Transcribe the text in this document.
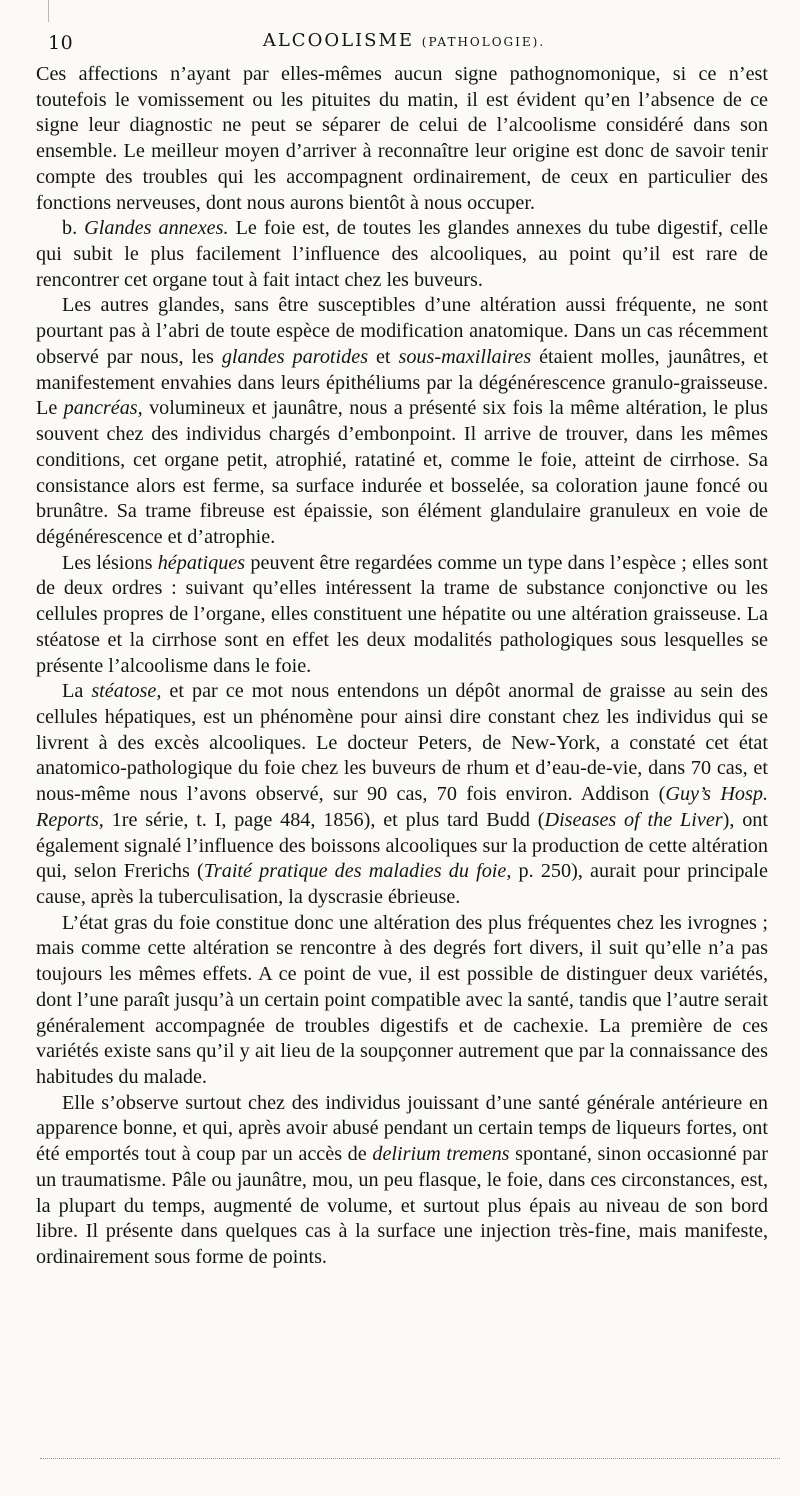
10	ALCOOLISME (PATHOLOGIE).

Ces affections n’ayant par elles-mêmes aucun signe pathognomonique, si ce n’est toutefois le vomissement ou les pituites du matin, il est évident qu’en l’absence de ce signe leur diagnostic ne peut se séparer de celui de l’alcoolisme considéré dans son ensemble. Le meilleur moyen d’arriver à reconnaître leur origine est donc de savoir tenir compte des troubles qui les accompagnent ordinairement, de ceux en particulier des fonctions nerveuses, dont nous aurons bientôt à nous occuper.

b. Glandes annexes. Le foie est, de toutes les glandes annexes du tube digestif, celle qui subit le plus facilement l’influence des alcooliques, au point qu’il est rare de rencontrer cet organe tout à fait intact chez les buveurs.

Les autres glandes, sans être susceptibles d’une altération aussi fréquente, ne sont pourtant pas à l’abri de toute espèce de modification anatomique. Dans un cas récemment observé par nous, les glandes parotides et sous-maxillaires étaient molles, jaunâtres, et manifestement envahies dans leurs épithéliums par la dégénérescence granulo-graisseuse. Le pancréas, volumineux et jaunâtre, nous a présenté six fois la même altération, le plus souvent chez des individus chargés d’embonpoint. Il arrive de trouver, dans les mêmes conditions, cet organe petit, atrophié, ratatiné et, comme le foie, atteint de cirrhose. Sa consistance alors est ferme, sa surface indurée et bosselée, sa coloration jaune foncé ou brunâtre. Sa trame fibreuse est épaissie, son élément glandulaire granuleux en voie de dégénérescence et d’atrophie.

Les lésions hépatiques peuvent être regardées comme un type dans l’espèce ; elles sont de deux ordres : suivant qu’elles intéressent la trame de substance conjonctive ou les cellules propres de l’organe, elles constituent une hépatite ou une altération graisseuse. La stéatose et la cirrhose sont en effet les deux modalités pathologiques sous lesquelles se présente l’alcoolisme dans le foie.

La stéatose, et par ce mot nous entendons un dépôt anormal de graisse au sein des cellules hépatiques, est un phénomène pour ainsi dire constant chez les individus qui se livrent à des excès alcooliques. Le docteur Peters, de New-York, a constaté cet état anatomico-pathologique du foie chez les buveurs de rhum et d’eau-de-vie, dans 70 cas, et nous-même nous l’avons observé, sur 90 cas, 70 fois environ. Addison (Guy’s Hosp. Reports, 1re série, t. I, page 484, 1856), et plus tard Budd (Diseases of the Liver), ont également signalé l’influence des boissons alcooliques sur la production de cette altération qui, selon Frerichs (Traité pratique des maladies du foie, p. 250), aurait pour principale cause, après la tuberculisation, la dyscrasie ébrieuse.

L’état gras du foie constitue donc une altération des plus fréquentes chez les ivrognes ; mais comme cette altération se rencontre à des degrés fort divers, il suit qu’elle n’a pas toujours les mêmes effets. A ce point de vue, il est possible de distinguer deux variétés, dont l’une paraît jusqu’à un certain point compatible avec la santé, tandis que l’autre serait généralement accompagnée de troubles digestifs et de cachexie. La première de ces variétés existe sans qu’il y ait lieu de la soupçonner autrement que par la connaissance des habitudes du malade.

Elle s’observe surtout chez des individus jouissant d’une santé générale antérieure en apparence bonne, et qui, après avoir abusé pendant un certain temps de liqueurs fortes, ont été emportés tout à coup par un accès de delirium tremens spontané, sinon occasionné par un traumatisme. Pâle ou jaunâtre, mou, un peu flasque, le foie, dans ces circonstances, est, la plupart du temps, augmenté de volume, et surtout plus épais au niveau de son bord libre. Il présente dans quelques cas à la surface une injection très-fine, mais manifeste, ordinairement sous forme de points.
